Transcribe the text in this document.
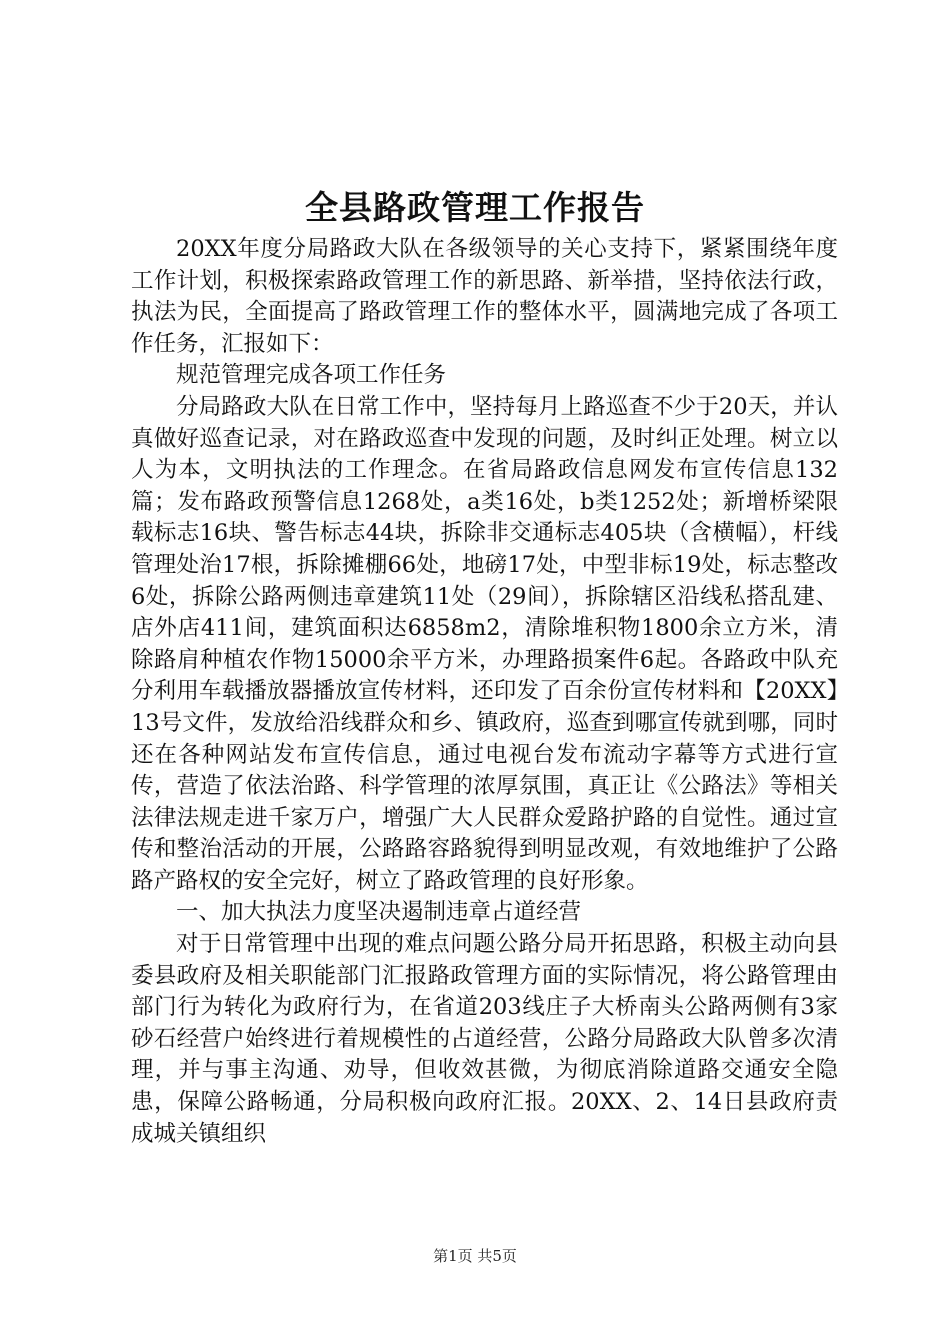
全县路政管理工作报告

20XX年度分局路政大队在各级领导的关心支持下，紧紧围绕年度工作计划，积极探索路政管理工作的新思路、新举措，坚持依法行政，执法为民，全面提高了路政管理工作的整体水平，圆满地完成了各项工作任务，汇报如下：

规范管理完成各项工作任务

分局路政大队在日常工作中，坚持每月上路巡查不少于20天，并认真做好巡查记录，对在路政巡查中发现的问题，及时纠正处理。树立以人为本，文明执法的工作理念。在省局路政信息网发布宣传信息132篇；发布路政预警信息1268处，a类16处，b类1252处；新增桥梁限载标志16块、警告标志44块，拆除非交通标志405块（含横幅），杆线管理处治17根，拆除摊棚66处，地磅17处，中型非标19处，标志整改6处，拆除公路两侧违章建筑11处（29间），拆除辖区沿线私搭乱建、店外店411间，建筑面积达6858m2，清除堆积物1800余立方米，清除路肩种植农作物15000余平方米，办理路损案件6起。各路政中队充分利用车载播放器播放宣传材料，还印发了百余份宣传材料和【20XX】13号文件，发放给沿线群众和乡、镇政府，巡查到哪宣传就到哪，同时还在各种网站发布宣传信息，通过电视台发布流动字幕等方式进行宣传，营造了依法治路、科学管理的浓厚氛围，真正让《公路法》等相关法律法规走进千家万户，增强广大人民群众爱路护路的自觉性。通过宣传和整治活动的开展，公路路容路貌得到明显改观，有效地维护了公路路产路权的安全完好，树立了路政管理的良好形象。

一、加大执法力度坚决遏制违章占道经营

对于日常管理中出现的难点问题公路分局开拓思路，积极主动向县委县政府及相关职能部门汇报路政管理方面的实际情况，将公路管理由部门行为转化为政府行为，在省道203线庄子大桥南头公路两侧有3家砂石经营户始终进行着规模性的占道经营，公路分局路政大队曾多次清理，并与事主沟通、劝导，但收效甚微，为彻底消除道路交通安全隐患，保障公路畅通，分局积极向政府汇报。20XX、2、14日县政府责成城关镇组织

第1页 共5页
